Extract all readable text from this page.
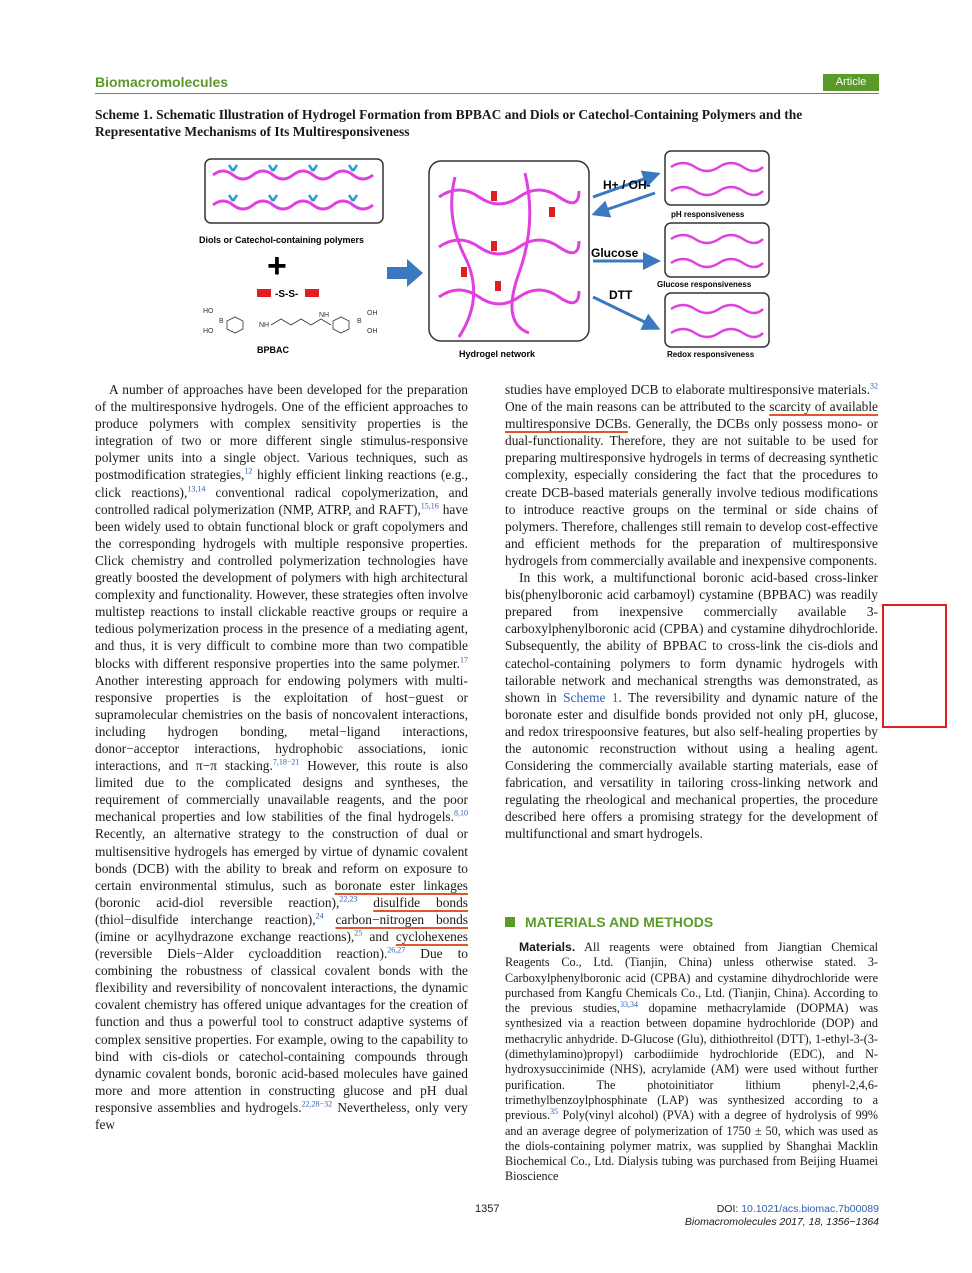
Biomacromolecules	Article
Scheme 1. Schematic Illustration of Hydrogel Formation from BPBAC and Diols or Catechol-Containing Polymers and the Representative Mechanisms of Its Multiresponsiveness
Diols or Catechol-containing polymers
+
-S-S-
HO
HO
B
NH
NH
B
OH
OH
BPBAC	Hydrogel network
H+ / OH-
Glucose
DTT
pH responsiveness
Glucose responsiveness
Redox responsiveness

A number of approaches have been developed for the preparation of the multiresponsive hydrogels. One of the efficient approaches to produce polymers with complex sensitivity properties is the integration of two or more different single stimulus-responsive polymer units into a single object. Various techniques, such as postmodification strategies,$^{12}$ highly efficient linking reactions (e.g., click reactions),$^{13,14}$ conventional radical copolymerization, and controlled radical polymerization (NMP, ATRP, and RAFT),$^{15,16}$ have been widely used to obtain functional block or graft copolymers and the corresponding hydrogels with multiple responsive properties. Click chemistry and controlled polymerization technologies have greatly boosted the development of polymers with high architectural complexity and functionality. However, these strategies often involve multistep reactions to install clickable reactive groups or require a tedious polymerization process in the presence of a mediating agent, and thus, it is very difficult to combine more than two compatible blocks with different responsive properties into the same polymer.$^{17}$ Another interesting approach for endowing polymers with multi-responsive properties is the exploitation of host−guest or supramolecular chemistries on the basis of noncovalent interactions, including hydrogen bonding, metal−ligand interactions, donor−acceptor interactions, hydrophobic associations, ionic interactions, and π−π stacking.$^{7,18-21}$ However, this route is also limited due to the complicated designs and syntheses, the requirement of commercially unavailable reagents, and the poor mechanical properties and low stabilities of the final hydrogels.$^{8,10}$ Recently, an alternative strategy to the construction of dual or multisensitive hydrogels has emerged by virtue of dynamic covalent bonds (DCB) with the ability to break and reform on exposure to certain environmental stimulus, such as boronate ester linkages (boronic acid-diol reversible reaction),$^{22,23}$ disulfide bonds (thiol−disulfide interchange reaction),$^{24}$ carbon−nitrogen bonds (imine or acylhydrazone exchange reactions),$^{25}$ and cyclohexenes (reversible Diels−Alder cycloaddition reaction).$^{26,27}$ Due to combining the robustness of classical covalent bonds with the flexibility and reversibility of noncovalent interactions, the dynamic covalent chemistry has offered unique advantages for the creation of function and thus a powerful tool to construct adaptive systems of complex sensitive properties. For example, owing to the capability to bind with cis-diols or catechol-containing compounds through dynamic covalent bonds, boronic acid-based molecules have gained more and more attention in constructing glucose and pH dual responsive assemblies and hydrogels.$^{22,28-32}$ Nevertheless, only very few

studies have employed DCB to elaborate multiresponsive materials.$^{32}$ One of the main reasons can be attributed to the scarcity of available multiresponsive DCBs. Generally, the DCBs only possess mono- or dual-functionality. Therefore, they are not suitable to be used for preparing multiresponsive hydrogels in terms of decreasing synthetic complexity, especially considering the fact that the procedures to create DCB-based materials generally involve tedious modifications to introduce reactive groups on the terminal or side chains of polymers. Therefore, challenges still remain to develop cost-effective and efficient methods for the preparation of multiresponsive hydrogels from commercially available and inexpensive components.

In this work, a multifunctional boronic acid-based cross-linker bis(phenylboronic acid carbamoyl) cystamine (BPBAC) was readily prepared from inexpensive commercially available 3-carboxylphenylboronic acid (CPBA) and cystamine dihydrochloride. Subsequently, the ability of BPBAC to cross-link the cis-diols and catechol-containing polymers to form dynamic hydrogels with tailorable network and mechanical strengths was demonstrated, as shown in Scheme 1. The reversibility and dynamic nature of the boronate ester and disulfide bonds provided not only pH, glucose, and redox trirespoonsive features, but also self-healing properties by the autonomic reconstruction without using a healing agent. Considering the commercially available starting materials, ease of fabrication, and versatility in tailoring cross-linking network and regulating the rheological and mechanical properties, the procedure described here offers a promising strategy for the development of multifunctional and smart hydrogels.

MATERIALS AND METHODS

Materials. All reagents were obtained from Jiangtian Chemical Reagents Co., Ltd. (Tianjin, China) unless otherwise stated. 3-Carboxylphenylboronic acid (CPBA) and cystamine dihydrochloride were purchased from Kangfu Chemicals Co., Ltd. (Tianjin, China). According to the previous studies,$^{33,34}$ dopamine methacrylamide (DOPMA) was synthesized via a reaction between dopamine hydrochloride (DOP) and methacrylic anhydride. D-Glucose (Glu), dithiothreitol (DTT), 1-ethyl-3-(3-(dimethylamino)propyl) carbodiimide hydrochloride (EDC), and N-hydroxysuccinimide (NHS), acrylamide (AM) were used without further purification. The photoinitiator lithium phenyl-2,4,6-trimethylbenzoylphosphinate (LAP) was synthesized according to a previous.$^{35}$ Poly(vinyl alcohol) (PVA) with a degree of hydrolysis of 99% and an average degree of polymerization of 1750 ± 50, which was used as the diols-containing polymer matrix, was supplied by Shanghai Macklin Biochemical Co., Ltd. Dialysis tubing was purchased from Beijing Huamei Bioscience

1357	DOI: 10.1021/acs.biomac.7b00089
Biomacromolecules 2017, 18, 1356−1364
